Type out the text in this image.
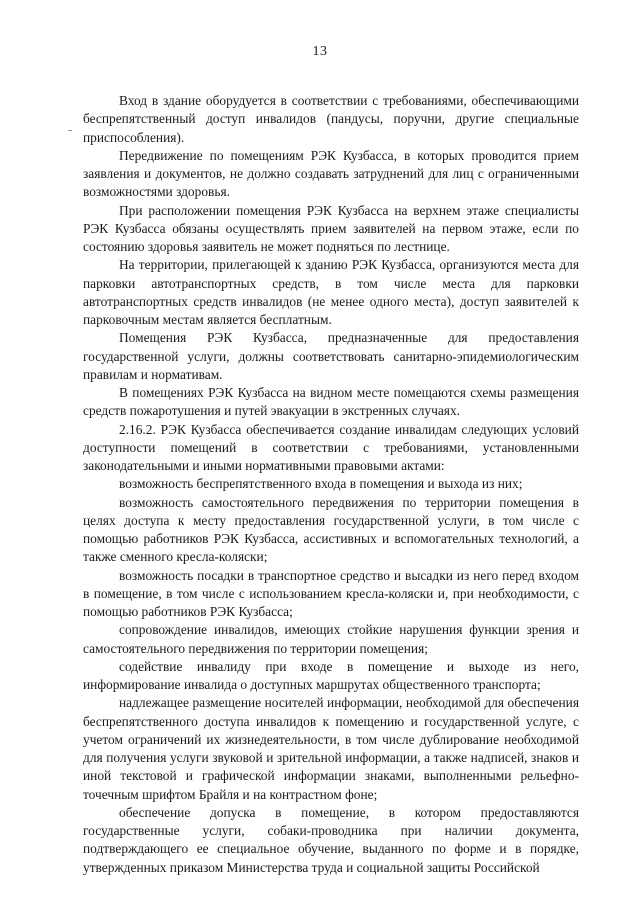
13

Вход в здание оборудуется в соответствии с требованиями, обеспечивающими беспрепятственный доступ инвалидов (пандусы, поручни, другие специальные приспособления).

Передвижение по помещениям РЭК Кузбасса, в которых проводится прием заявления и документов, не должно создавать затруднений для лиц с ограниченными возможностями здоровья.

При расположении помещения РЭК Кузбасса на верхнем этаже специалисты РЭК Кузбасса обязаны осуществлять прием заявителей на первом этаже, если по состоянию здоровья заявитель не может подняться по лестнице.

На территории, прилегающей к зданию РЭК Кузбасса, организуются места для парковки автотранспортных средств, в том числе места для парковки автотранспортных средств инвалидов (не менее одного места), доступ заявителей к парковочным местам является бесплатным.

Помещения РЭК Кузбасса, предназначенные для предоставления государственной услуги, должны соответствовать санитарно-эпидемиологическим правилам и нормативам.

В помещениях РЭК Кузбасса на видном месте помещаются схемы размещения средств пожаротушения и путей эвакуации в экстренных случаях.

2.16.2. РЭК Кузбасса обеспечивается создание инвалидам следующих условий доступности помещений в соответствии с требованиями, установленными законодательными и иными нормативными правовыми актами:

возможность беспрепятственного входа в помещения и выхода из них;

возможность самостоятельного передвижения по территории помещения в целях доступа к месту предоставления государственной услуги, в том числе с помощью работников РЭК Кузбасса, ассистивных и вспомогательных технологий, а также сменного кресла-коляски;

возможность посадки в транспортное средство и высадки из него перед входом в помещение, в том числе с использованием кресла-коляски и, при необходимости, с помощью работников РЭК Кузбасса;

сопровождение инвалидов, имеющих стойкие нарушения функции зрения и самостоятельного передвижения по территории помещения;

содействие инвалиду при входе в помещение и выходе из него, информирование инвалида о доступных маршрутах общественного транспорта;

надлежащее размещение носителей информации, необходимой для обеспечения беспрепятственного доступа инвалидов к помещению и государственной услуге, с учетом ограничений их жизнедеятельности, в том числе дублирование необходимой для получения услуги звуковой и зрительной информации, а также надписей, знаков и иной текстовой и графической информации знаками, выполненными рельефно-точечным шрифтом Брайля и на контрастном фоне;

обеспечение допуска в помещение, в котором предоставляются государственные услуги, собаки-проводника при наличии документа, подтверждающего ее специальное обучение, выданного по форме и в порядке, утвержденных приказом Министерства труда и социальной защиты Российской
